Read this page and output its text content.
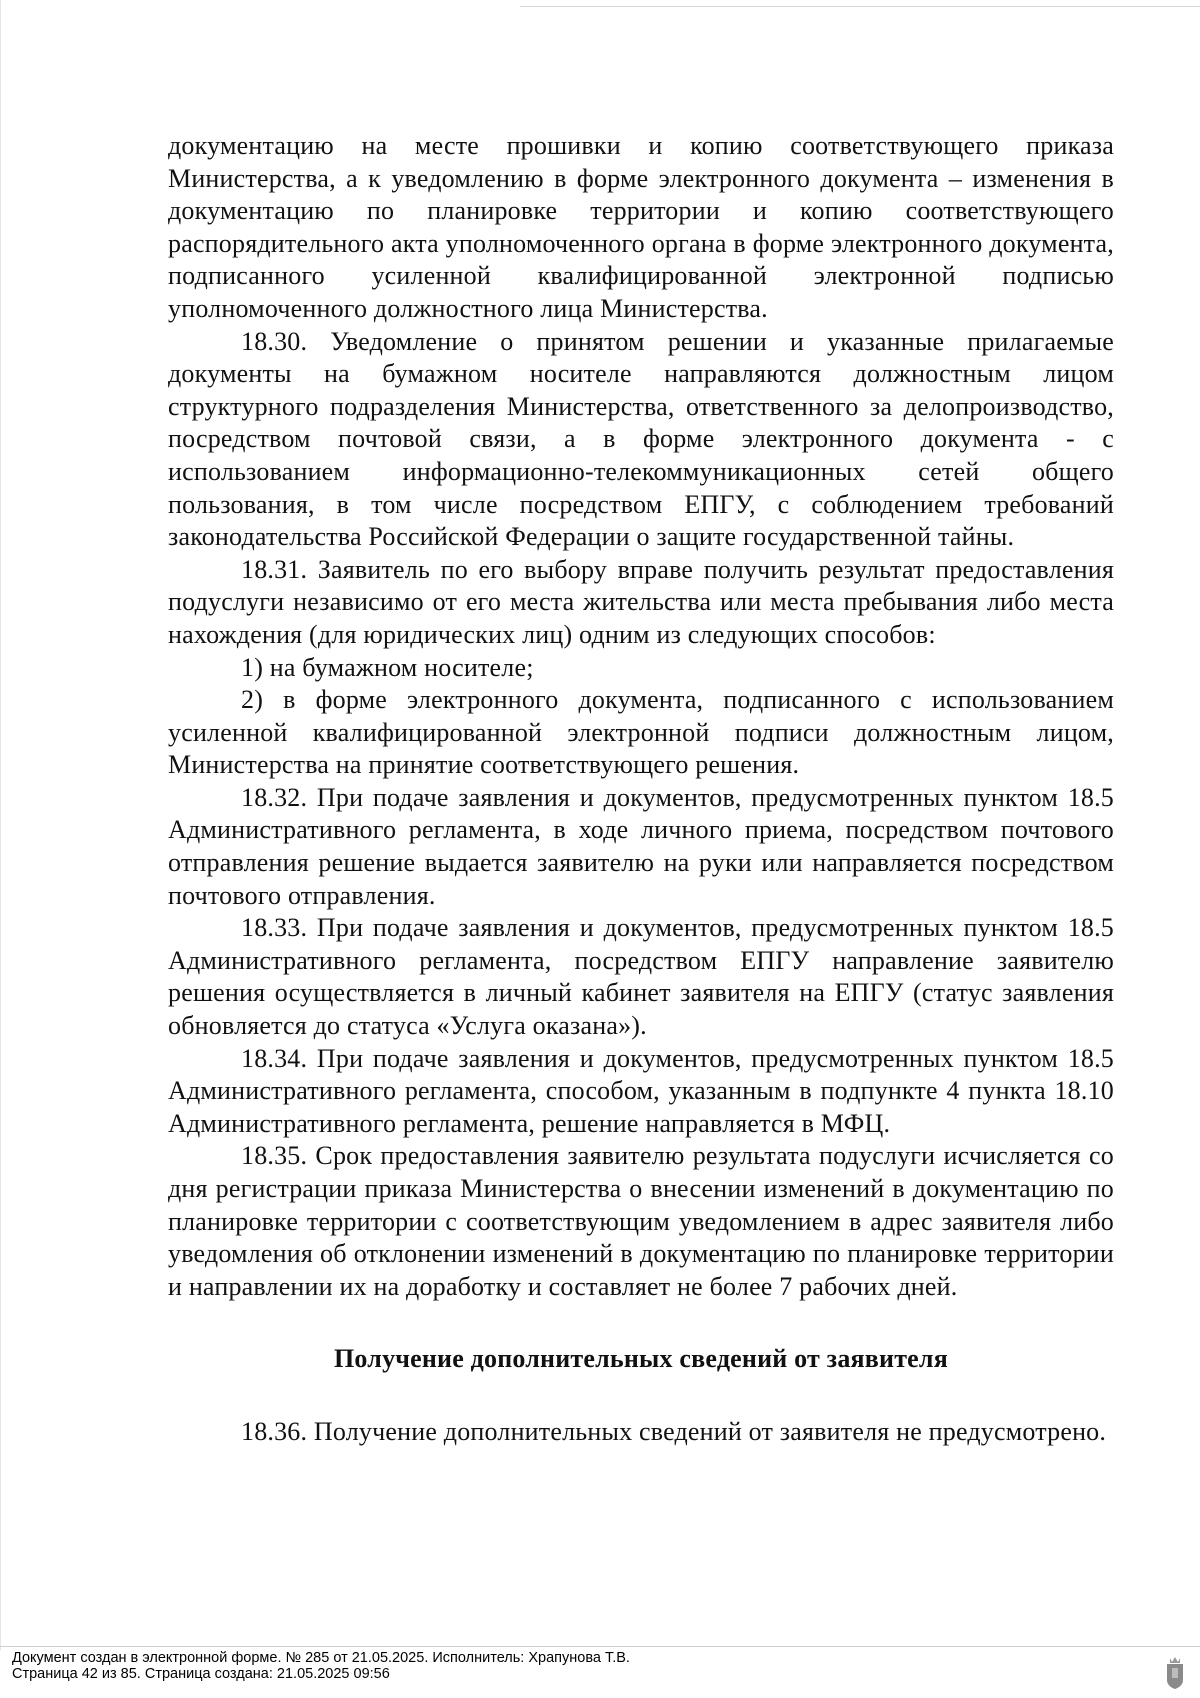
документацию на месте прошивки и копию соответствующего приказа Министерства, а к уведомлению в форме электронного документа – изменения в документацию по планировке территории и копию соответствующего распорядительного акта уполномоченного органа в форме электронного документа, подписанного усиленной квалифицированной электронной подписью уполномоченного должностного лица Министерства.

18.30. Уведомление о принятом решении и указанные прилагаемые документы на бумажном носителе направляются должностным лицом структурного подразделения Министерства, ответственного за делопроизводство, посредством почтовой связи, а в форме электронного документа - с использованием информационно-телекоммуникационных сетей общего пользования, в том числе посредством ЕПГУ, с соблюдением требований законодательства Российской Федерации о защите государственной тайны.

18.31. Заявитель по его выбору вправе получить результат предоставления подуслуги независимо от его места жительства или места пребывания либо места нахождения (для юридических лиц) одним из следующих способов:

1) на бумажном носителе;

2) в форме электронного документа, подписанного с использованием усиленной квалифицированной электронной подписи должностным лицом, Министерства на принятие соответствующего решения.

18.32. При подаче заявления и документов, предусмотренных пунктом 18.5 Административного регламента, в ходе личного приема, посредством почтового отправления решение выдается заявителю на руки или направляется посредством почтового отправления.

18.33. При подаче заявления и документов, предусмотренных пунктом 18.5 Административного регламента, посредством ЕПГУ направление заявителю решения осуществляется в личный кабинет заявителя на ЕПГУ (статус заявления обновляется до статуса «Услуга оказана»).

18.34. При подаче заявления и документов, предусмотренных пунктом 18.5 Административного регламента, способом, указанным в подпункте 4 пункта 18.10 Административного регламента, решение направляется в МФЦ.

18.35. Срок предоставления заявителю результата подуслуги исчисляется со дня регистрации приказа Министерства о внесении изменений в документацию по планировке территории с соответствующим уведомлением в адрес заявителя либо уведомления об отклонении изменений в документацию по планировке территории и направлении их на доработку и составляет не более 7 рабочих дней.

Получение дополнительных сведений от заявителя

18.36. Получение дополнительных сведений от заявителя не предусмотрено.

Документ создан в электронной форме. № 285 от 21.05.2025. Исполнитель: Храпунова Т.В.
Страница 42 из 85. Страница создана: 21.05.2025 09:56
